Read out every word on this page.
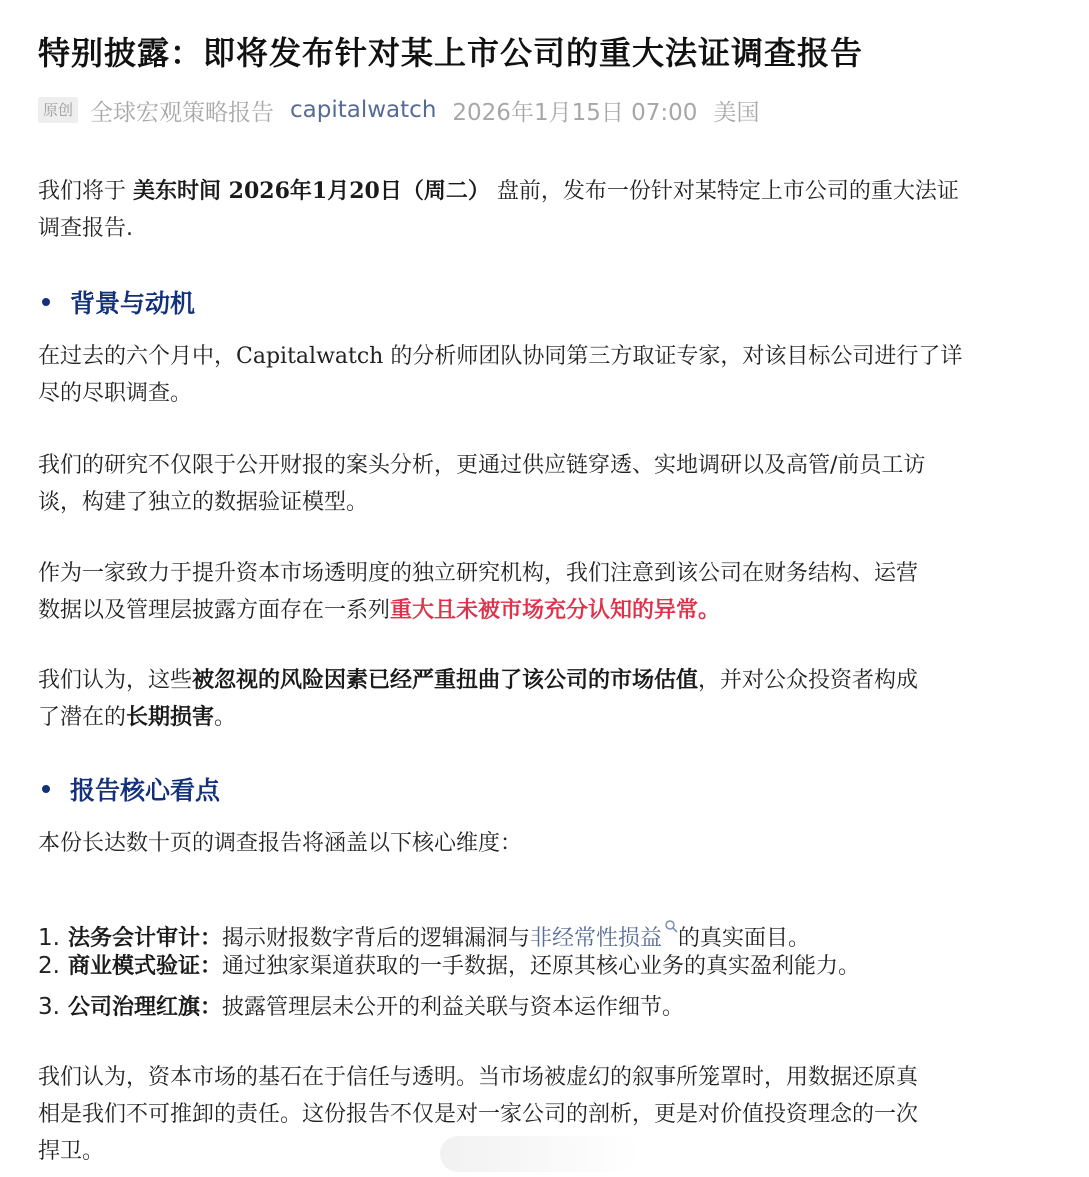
特别披露：即将发布针对某上市公司的重大法证调查报告
原创 全球宏观策略报告 capitalwatch 2026年1月15日 07:00 美国

我们将于 美东时间 2026年1月20日（周二） 盘前，发布一份针对某特定上市公司的重大法证
调查报告.

背景与动机

在过去的六个月中，Capitalwatch 的分析师团队协同第三方取证专家，对该目标公司进行了详
尽的尽职调查。

我们的研究不仅限于公开财报的案头分析，更通过供应链穿透、实地调研以及高管/前员工访
谈，构建了独立的数据验证模型。

作为一家致力于提升资本市场透明度的独立研究机构，我们注意到该公司在财务结构、运营
数据以及管理层披露方面存在一系列重大且未被市场充分认知的异常。

我们认为，这些被忽视的风险因素已经严重扭曲了该公司的市场估值，并对公众投资者构成
了潜在的长期损害。

报告核心看点

本份长达数十页的调查报告将涵盖以下核心维度：

1. 法务会计审计：揭示财报数字背后的逻辑漏洞与非经常性损益 的真实面目。
2. 商业模式验证：通过独家渠道获取的一手数据，还原其核心业务的真实盈利能力。
3. 公司治理红旗：披露管理层未公开的利益关联与资本运作细节。

我们认为，资本市场的基石在于信任与透明。当市场被虚幻的叙事所笼罩时，用数据还原真
相是我们不可推卸的责任。这份报告不仅是对一家公司的剖析，更是对价值投资理念的一次
捍卫。
